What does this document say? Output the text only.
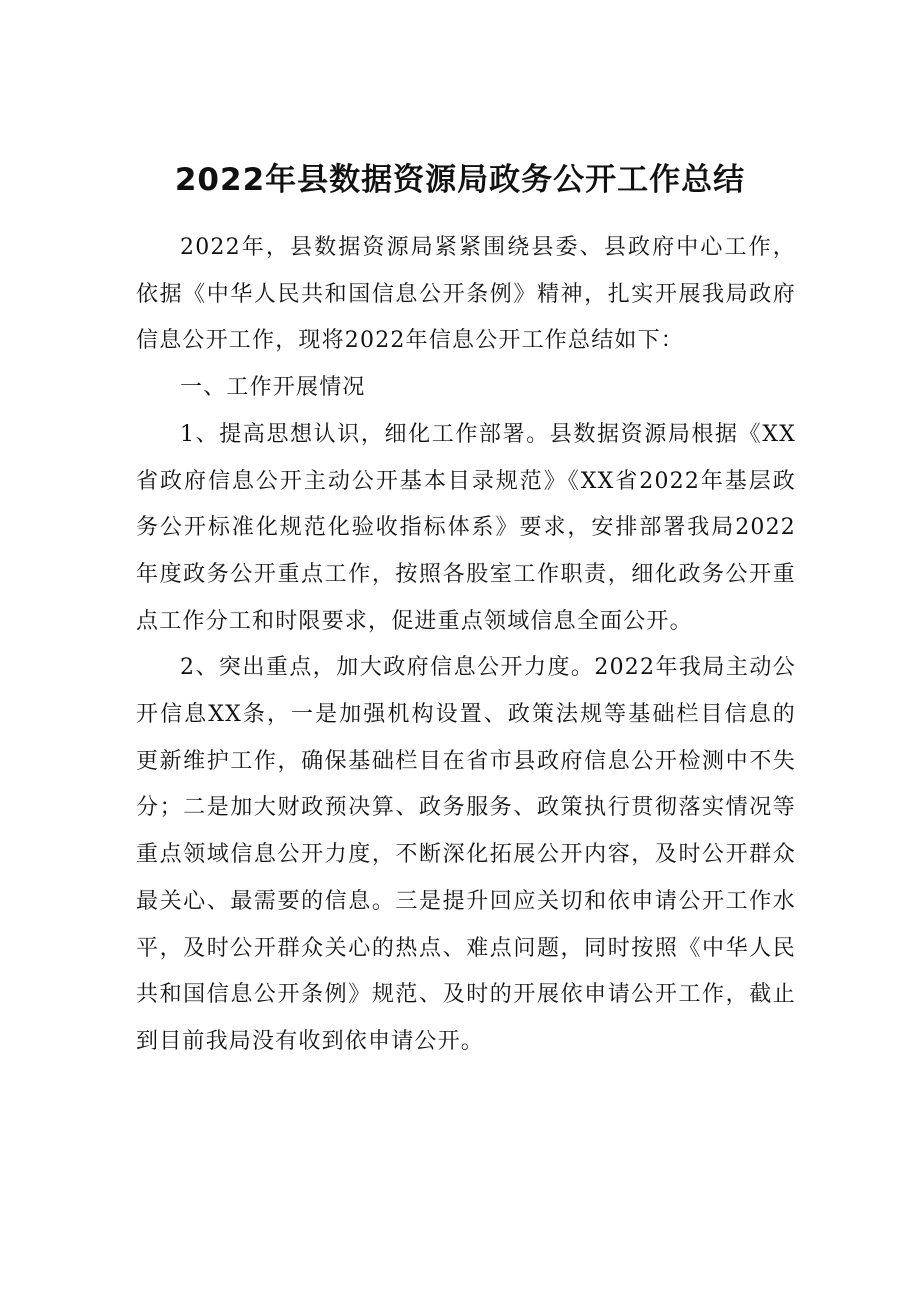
2022年县数据资源局政务公开工作总结

2022年，县数据资源局紧紧围绕县委、县政府中心工作，依据《中华人民共和国信息公开条例》精神，扎实开展我局政府信息公开工作，现将2022年信息公开工作总结如下：

一、工作开展情况

1、提高思想认识，细化工作部署。县数据资源局根据《XX省政府信息公开主动公开基本目录规范》《XX省2022年基层政务公开标准化规范化验收指标体系》要求，安排部署我局2022年度政务公开重点工作，按照各股室工作职责，细化政务公开重点工作分工和时限要求，促进重点领域信息全面公开。

2、突出重点，加大政府信息公开力度。2022年我局主动公开信息XX条，一是加强机构设置、政策法规等基础栏目信息的更新维护工作，确保基础栏目在省市县政府信息公开检测中不失分；二是加大财政预决算、政务服务、政策执行贯彻落实情况等重点领域信息公开力度，不断深化拓展公开内容，及时公开群众最关心、最需要的信息。三是提升回应关切和依申请公开工作水平，及时公开群众关心的热点、难点问题，同时按照《中华人民共和国信息公开条例》规范、及时的开展依申请公开工作，截止到目前我局没有收到依申请公开。
